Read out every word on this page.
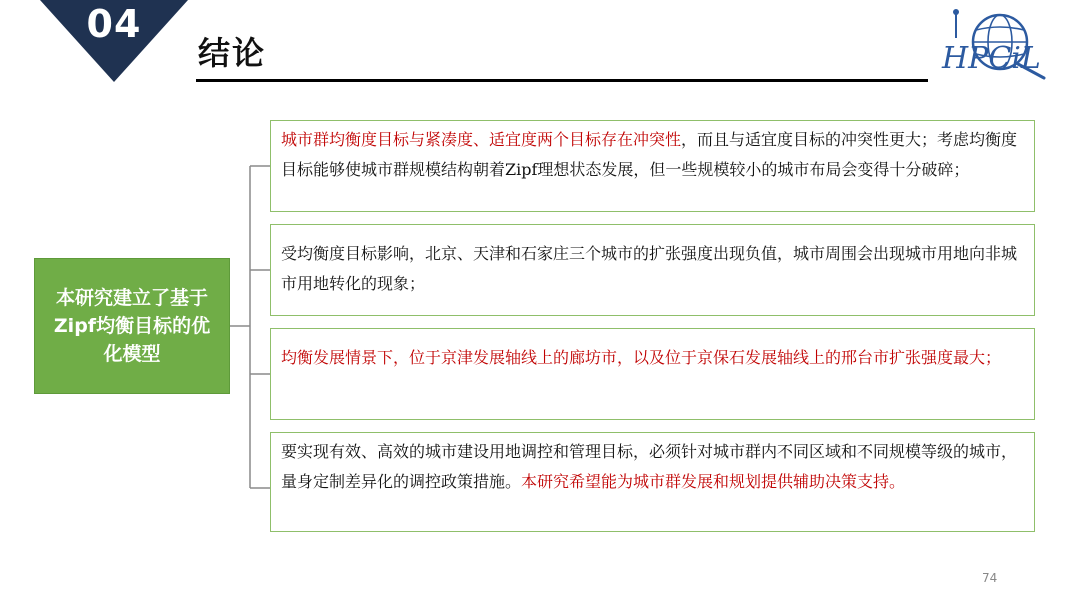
04
结论	HPCiL
本研究建立了基于Zipf均衡目标的优化模型
城市群均衡度目标与紧凑度、适宜度两个目标存在冲突性，而且与适宜度目标的冲突性更大；考虑均衡度目标能够使城市群规模结构朝着Zipf理想状态发展，但一些规模较小的城市布局会变得十分破碎；
受均衡度目标影响，北京、天津和石家庄三个城市的扩张强度出现负值，城市周围会出现城市用地向非城市用地转化的现象；
均衡发展情景下，位于京津发展轴线上的廊坊市，以及位于京保石发展轴线上的邢台市扩张强度最大；
要实现有效、高效的城市建设用地调控和管理目标，必须针对城市群内不同区域和不同规模等级的城市，量身定制差异化的调控政策措施。本研究希望能为城市群发展和规划提供辅助决策支持。
74
